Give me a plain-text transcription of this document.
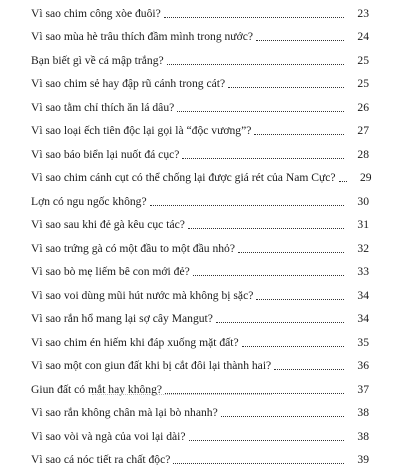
Vì sao chim công xòe đuôi?	23
Vì sao mùa hè trâu thích đầm mình trong nước?	24
Bạn biết gì về cá mập trắng?	25
Vì sao chim sẻ hay đập rũ cánh trong cát?	25
Vì sao tằm chỉ thích ăn lá dâu?	26
Vì sao loại ếch tiên độc lại gọi là “độc vương”?	27
Vì sao báo biển lại nuốt đá cục?	28
Vì sao chim cánh cụt có thể chống lại được giá rét của Nam Cực?	29
Lợn có ngu ngốc không?	30
Vì sao sau khi đẻ gà kêu cục tác?	31
Vì sao trứng gà có một đầu to một đầu nhỏ?	32
Vì sao bò mẹ liếm bê con mới đẻ?	33
Vì sao voi dùng mũi hút nước mà không bị sặc?	34
Vì sao rắn hổ mang lại sợ cây Mangut?	34
Vì sao chim én hiếm khi đáp xuống mặt đất?	35
Vì sao một con giun đất khi bị cắt đôi lại thành hai?	36
Giun đất có mắt hay không?	37
Vì sao rắn không chân mà lại bò nhanh?	38
Vì sao vòi và ngà của voi lại dài?	38
Vì sao cá nóc tiết ra chất độc?	39
